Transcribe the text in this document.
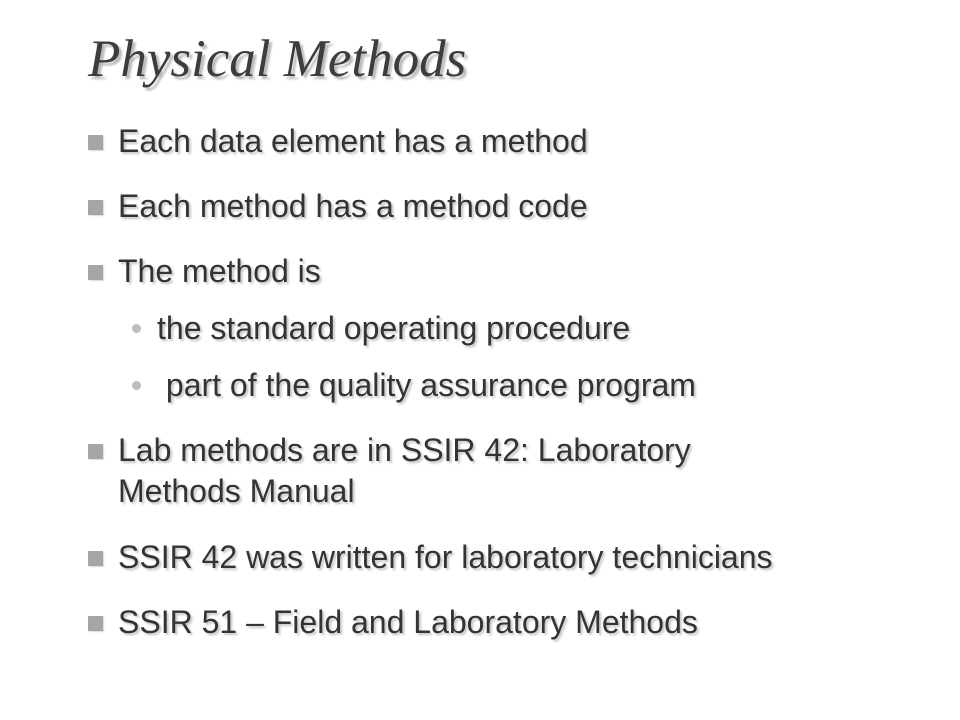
Physical Methods
Each data element has a method
Each method has a method code
The method is
the standard operating procedure
part of the quality assurance program
Lab methods are in SSIR 42: Laboratory
Methods Manual
SSIR 42 was written for laboratory technicians
SSIR 51 – Field and Laboratory Methods
